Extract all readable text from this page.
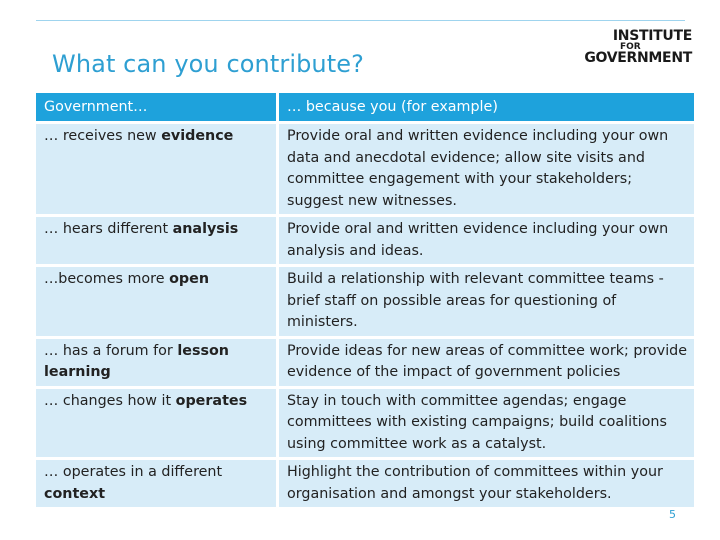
What can you contribute?
INSTITUTE
FOR
GOVERNMENT
Government…	… because you (for example)
… receives new evidence	Provide oral and written evidence including your own data and anecdotal evidence; allow site visits and committee engagement with your stakeholders; suggest new witnesses.
… hears different analysis	Provide oral and written evidence including your own analysis and ideas.
…becomes more open	Build a relationship with relevant committee teams - brief staff on possible areas for questioning of ministers.
… has a forum for lesson learning	Provide ideas for new areas of committee work; provide evidence of the impact of government policies
… changes how it operates	Stay in touch with committee agendas; engage committees with existing campaigns; build coalitions using committee work as a catalyst.
… operates in a different context	Highlight the contribution of committees within your organisation and amongst your stakeholders.
5
